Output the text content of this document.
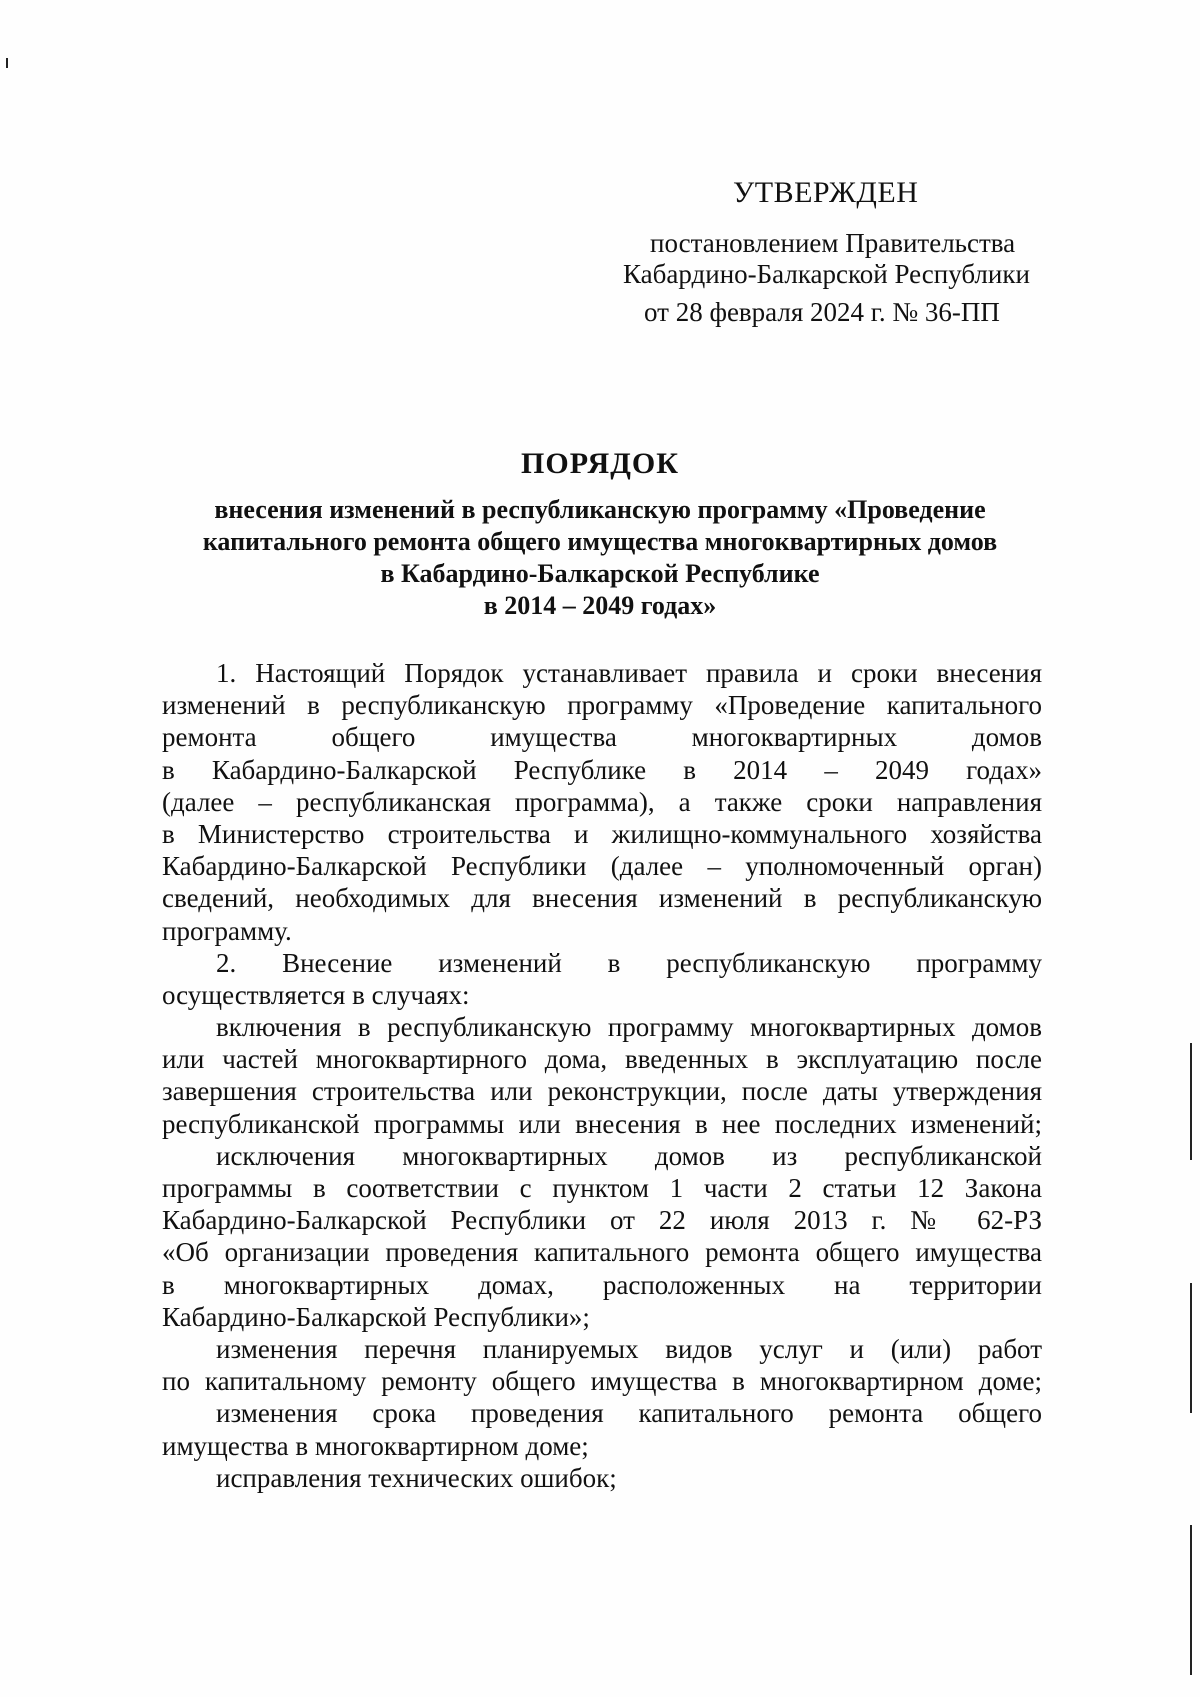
УТВЕРЖДЕН
постановлением Правительства
Кабардино-Балкарской Республики
от 28 февраля 2024 г. № 36-ПП
ПОРЯДОК
внесения изменений в республиканскую программу «Проведение
капитального ремонта общего имущества многоквартирных домов
в Кабардино-Балкарской Республике
в 2014 – 2049 годах»
1. Настоящий Порядок устанавливает правила и сроки внесения
изменений в республиканскую программу «Проведение капитального
ремонта общего имущества многоквартирных домов
в Кабардино-Балкарской Республике в 2014 – 2049 годах»
(далее – республиканская программа), а также сроки направления
в Министерство строительства и жилищно-коммунального хозяйства
Кабардино-Балкарской Республики (далее – уполномоченный орган)
сведений, необходимых для внесения изменений в республиканскую
программу.
2. Внесение изменений в республиканскую программу
осуществляется в случаях:
включения в республиканскую программу многоквартирных домов
или частей многоквартирного дома, введенных в эксплуатацию после
завершения строительства или реконструкции, после даты утверждения
республиканской программы или внесения в нее последних изменений;
исключения многоквартирных домов из республиканской
программы в соответствии с пунктом 1 части 2 статьи 12 Закона
Кабардино-Балкарской Республики от 22 июля 2013 г. № 62-РЗ
«Об организации проведения капитального ремонта общего имущества
в многоквартирных домах, расположенных на территории
Кабардино-Балкарской Республики»;
изменения перечня планируемых видов услуг и (или) работ
по капитальному ремонту общего имущества в многоквартирном доме;
изменения срока проведения капитального ремонта общего
имущества в многоквартирном доме;
исправления технических ошибок;
